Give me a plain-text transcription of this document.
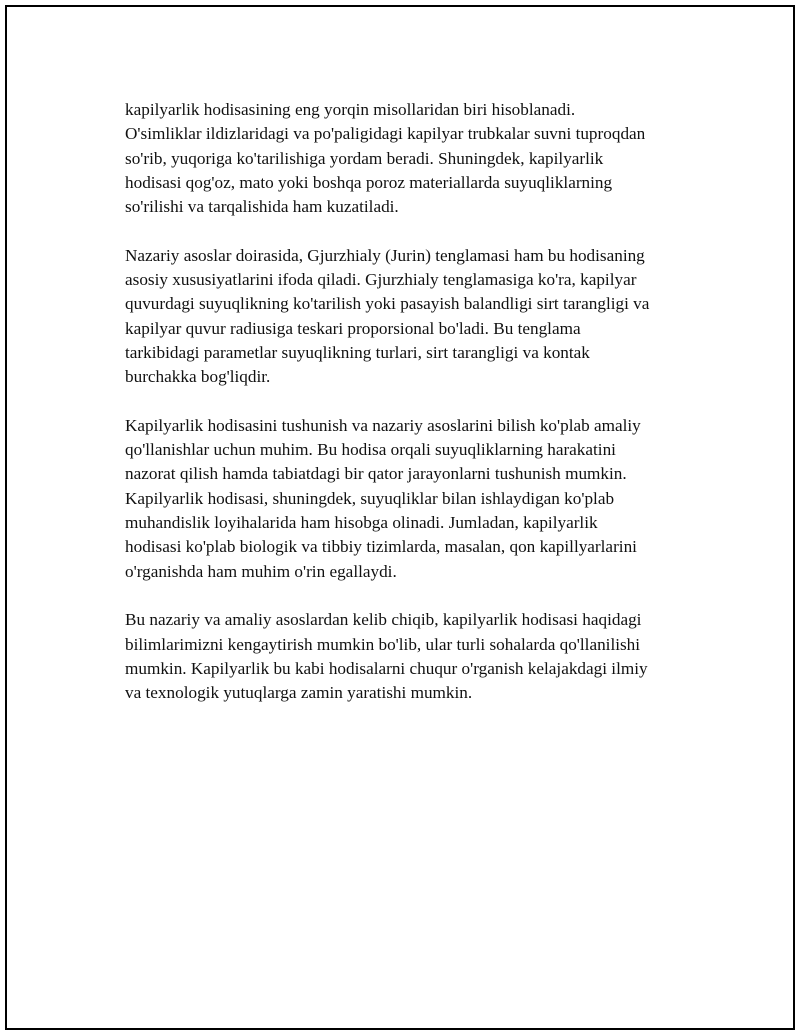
kapilyarlik hodisasining eng yorqin misollaridan biri hisoblanadi.
O'simliklar ildizlaridagi va po'paligidagi kapilyar trubkalar suvni tuproqdan
so'rib, yuqoriga ko'tarilishiga yordam beradi. Shuningdek, kapilyarlik
hodisasi qog'oz, mato yoki boshqa poroz materiallarda suyuqliklarning
so'rilishi va tarqalishida ham kuzatiladi.

Nazariy asoslar doirasida, Gjurzhialy (Jurin) tenglamasi ham bu hodisaning
asosiy xususiyatlarini ifoda qiladi. Gjurzhialy tenglamasiga ko'ra, kapilyar
quvurdagi suyuqlikning ko'tarilish yoki pasayish balandligi sirt tarangligi va
kapilyar quvur radiusiga teskari proporsional bo'ladi. Bu tenglama
tarkibidagi parametlar suyuqlikning turlari, sirt tarangligi va kontak
burchakka bog'liqdir.

Kapilyarlik hodisasini tushunish va nazariy asoslarini bilish ko'plab amaliy
qo'llanishlar uchun muhim. Bu hodisa orqali suyuqliklarning harakatini
nazorat qilish hamda tabiatdagi bir qator jarayonlarni tushunish mumkin.
Kapilyarlik hodisasi, shuningdek, suyuqliklar bilan ishlaydigan ko'plab
muhandislik loyihalarida ham hisobga olinadi. Jumladan, kapilyarlik
hodisasi ko'plab biologik va tibbiy tizimlarda, masalan, qon kapillyarlarini
o'rganishda ham muhim o'rin egallaydi.

Bu nazariy va amaliy asoslardan kelib chiqib, kapilyarlik hodisasi haqidagi
bilimlarimizni kengaytirish mumkin bo'lib, ular turli sohalarda qo'llanilishi
mumkin. Kapilyarlik bu kabi hodisalarni chuqur o'rganish kelajakdagi ilmiy
va texnologik yutuqlarga zamin yaratishi mumkin.
